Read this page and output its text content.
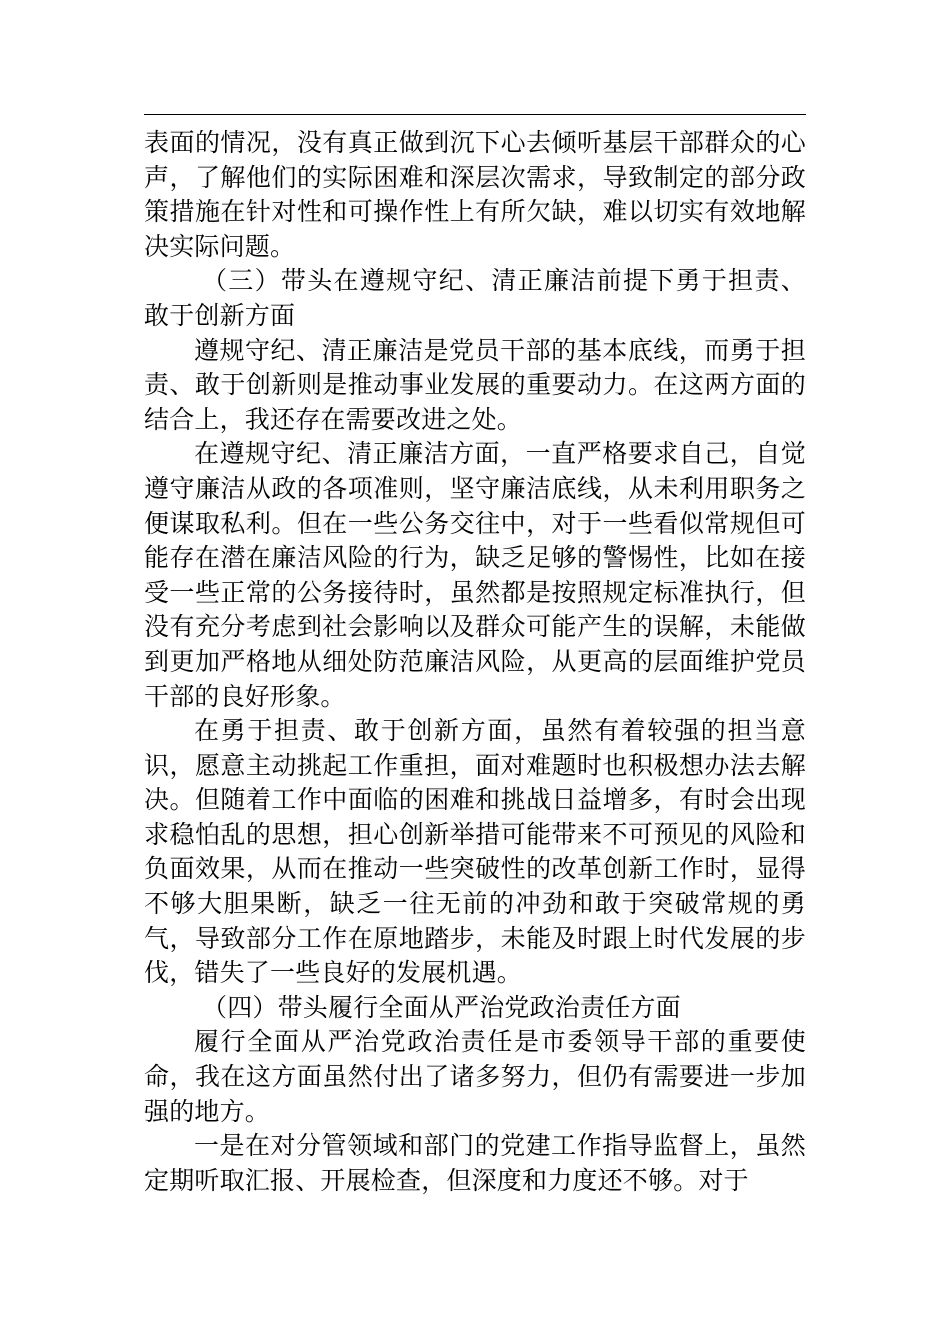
表面的情况，没有真正做到沉下心去倾听基层干部群众的心声，了解他们的实际困难和深层次需求，导致制定的部分政策措施在针对性和可操作性上有所欠缺，难以切实有效地解决实际问题。

（三）带头在遵规守纪、清正廉洁前提下勇于担责、敢于创新方面

遵规守纪、清正廉洁是党员干部的基本底线，而勇于担责、敢于创新则是推动事业发展的重要动力。在这两方面的结合上，我还存在需要改进之处。

在遵规守纪、清正廉洁方面，一直严格要求自己，自觉遵守廉洁从政的各项准则，坚守廉洁底线，从未利用职务之便谋取私利。但在一些公务交往中，对于一些看似常规但可能存在潜在廉洁风险的行为，缺乏足够的警惕性，比如在接受一些正常的公务接待时，虽然都是按照规定标准执行，但没有充分考虑到社会影响以及群众可能产生的误解，未能做到更加严格地从细处防范廉洁风险，从更高的层面维护党员干部的良好形象。

在勇于担责、敢于创新方面，虽然有着较强的担当意识，愿意主动挑起工作重担，面对难题时也积极想办法去解决。但随着工作中面临的困难和挑战日益增多，有时会出现求稳怕乱的思想，担心创新举措可能带来不可预见的风险和负面效果，从而在推动一些突破性的改革创新工作时，显得不够大胆果断，缺乏一往无前的冲劲和敢于突破常规的勇气，导致部分工作在原地踏步，未能及时跟上时代发展的步伐，错失了一些良好的发展机遇。

（四）带头履行全面从严治党政治责任方面

履行全面从严治党政治责任是市委领导干部的重要使命，我在这方面虽然付出了诸多努力，但仍有需要进一步加强的地方。

一是在对分管领域和部门的党建工作指导监督上，虽然定期听取汇报、开展检查，但深度和力度还不够。对于
